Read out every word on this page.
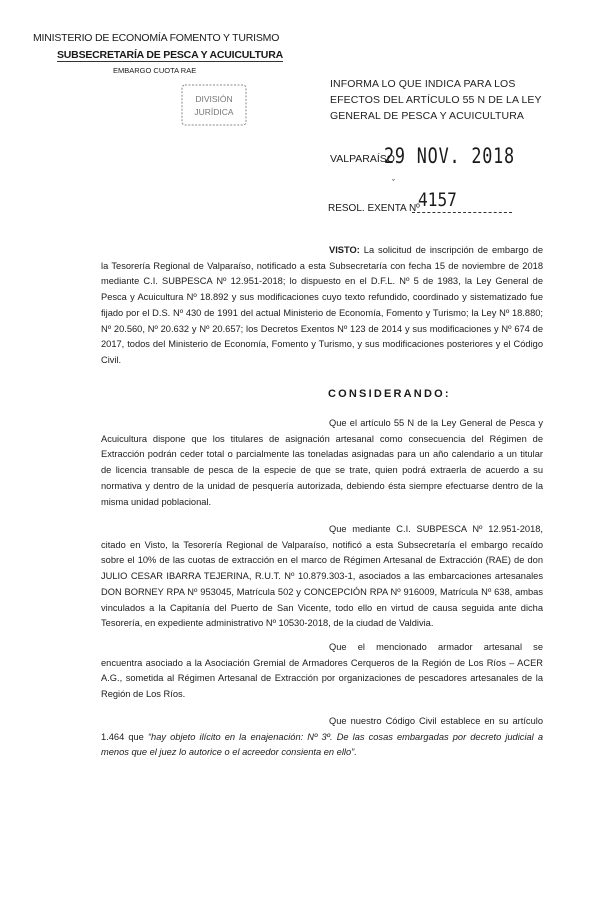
MINISTERIO DE ECONOMÍA FOMENTO Y TURISMO
SUBSECRETARÍA DE PESCA Y ACUICULTURA
EMBARGO CUOTA RAE
DIVISIÓN
JURÍDICA
INFORMA LO QUE INDICA PARA LOS EFECTOS DEL ARTÍCULO 55 N DE LA LEY GENERAL DE PESCA Y ACUICULTURA
VALPARAÍSO,
29 NOV. 2018
ˇ
RESOL. EXENTA Nº
4157
VISTO: La solicitud de inscripción de embargo de la Tesorería Regional de Valparaíso, notificado a esta Subsecretaría con fecha 15 de noviembre de 2018 mediante C.I. SUBPESCA Nº 12.951-2018; lo dispuesto en el D.F.L. Nº 5 de 1983, la Ley General de Pesca y Acuicultura Nº 18.892 y sus modificaciones cuyo texto refundido, coordinado y sistematizado fue fijado por el D.S. Nº 430 de 1991 del actual Ministerio de Economía, Fomento y Turismo; la Ley Nº 18.880; Nº 20.560, Nº 20.632 y Nº 20.657; los Decretos Exentos Nº 123 de 2014 y sus modificaciones y Nº 674 de 2017, todos del Ministerio de Economía, Fomento y Turismo, y sus modificaciones posteriores y el Código Civil.
CONSIDERANDO:
Que el artículo 55 N de la Ley General de Pesca y Acuicultura dispone que los titulares de asignación artesanal como consecuencia del Régimen de Extracción podrán ceder total o parcialmente las toneladas asignadas para un año calendario a un titular de licencia transable de pesca de la especie de que se trate, quien podrá extraerla de acuerdo a su normativa y dentro de la unidad de pesquería autorizada, debiendo ésta siempre efectuarse dentro de la misma unidad poblacional.
Que mediante C.I. SUBPESCA Nº 12.951-2018, citado en Visto, la Tesorería Regional de Valparaíso, notificó a esta Subsecretaría el embargo recaído sobre el 10% de las cuotas de extracción en el marco de Régimen Artesanal de Extracción (RAE) de don JULIO CESAR IBARRA TEJERINA, R.U.T. Nº 10.879.303-1, asociados a las embarcaciones artesanales DON BORNEY RPA Nº 953045, Matrícula 502 y CONCEPCIÓN RPA Nº 916009, Matrícula Nº 638, ambas vinculados a la Capitanía del Puerto de San Vicente, todo ello en virtud de causa seguida ante dicha Tesorería, en expediente administrativo Nº 10530-2018, de la ciudad de Valdivia.
Que el mencionado armador artesanal se encuentra asociado a la Asociación Gremial de Armadores Cerqueros de la Región de Los Ríos – ACER A.G., sometida al Régimen Artesanal de Extracción por organizaciones de pescadores artesanales de la Región de Los Ríos.
Que nuestro Código Civil establece en su artículo 1.464 que “hay objeto ilícito en la enajenación: Nº 3º. De las cosas embargadas por decreto judicial a menos que el juez lo autorice o el acreedor consienta en ello”.
